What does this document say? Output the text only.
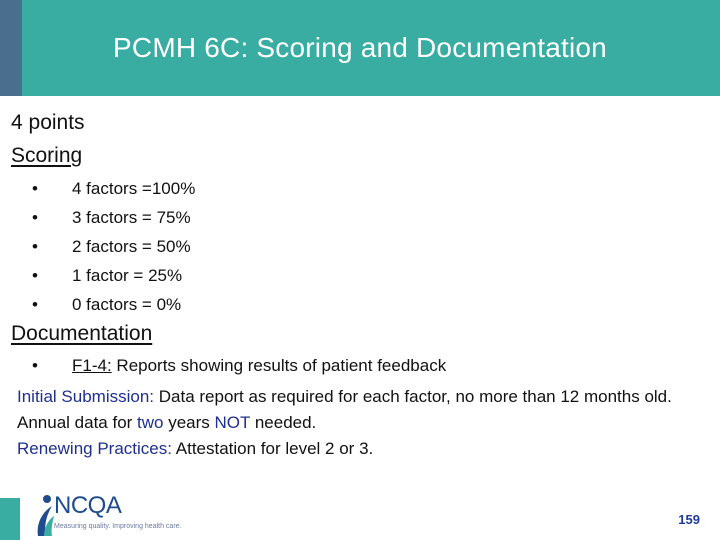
PCMH 6C: Scoring and Documentation
4 points
Scoring
•	4 factors =100%
•	3 factors = 75%
•	2 factors = 50%
•	1 factor = 25%
•	0 factors = 0%
Documentation
•	F1-4: Reports showing results of patient feedback
Initial Submission: Data report as required for each factor, no more than 12 months old. Annual data for two years NOT needed.
Renewing Practices: Attestation for level 2 or 3.
NCQA
Measuring quality. Improving health care.	159
